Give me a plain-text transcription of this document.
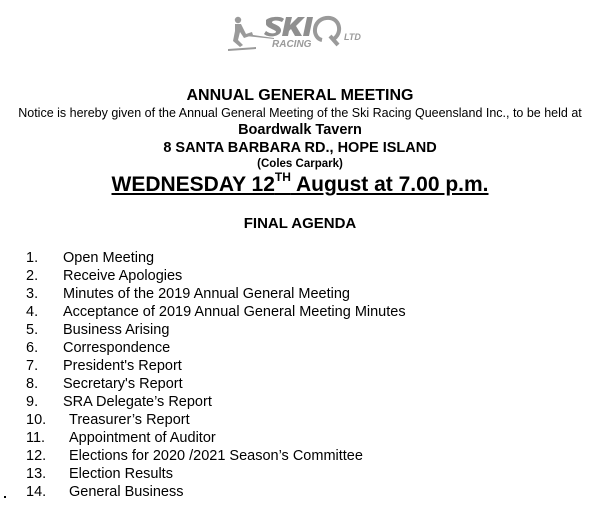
RACING
LTD
ANNUAL GENERAL MEETING
Notice is hereby given of the Annual General Meeting of the Ski Racing Queensland Inc., to be held at
Boardwalk Tavern
8 SANTA BARBARA RD., HOPE ISLAND
(Coles Carpark)
WEDNESDAY 12TH August at 7.00 p.m.
FINAL AGENDA
1.	Open Meeting
2.	Receive Apologies
3.	Minutes of the 2019 Annual General Meeting
4.	Acceptance of 2019 Annual General Meeting Minutes
5.	Business Arising
6.	Correspondence
7.	President's Report
8.	Secretary's Report
9.	SRA Delegate’s Report
10.	Treasurer’s Report
11.	Appointment of Auditor
12.	Elections for 2020 /2021 Season’s Committee
13.	Election Results
14.	General Business
